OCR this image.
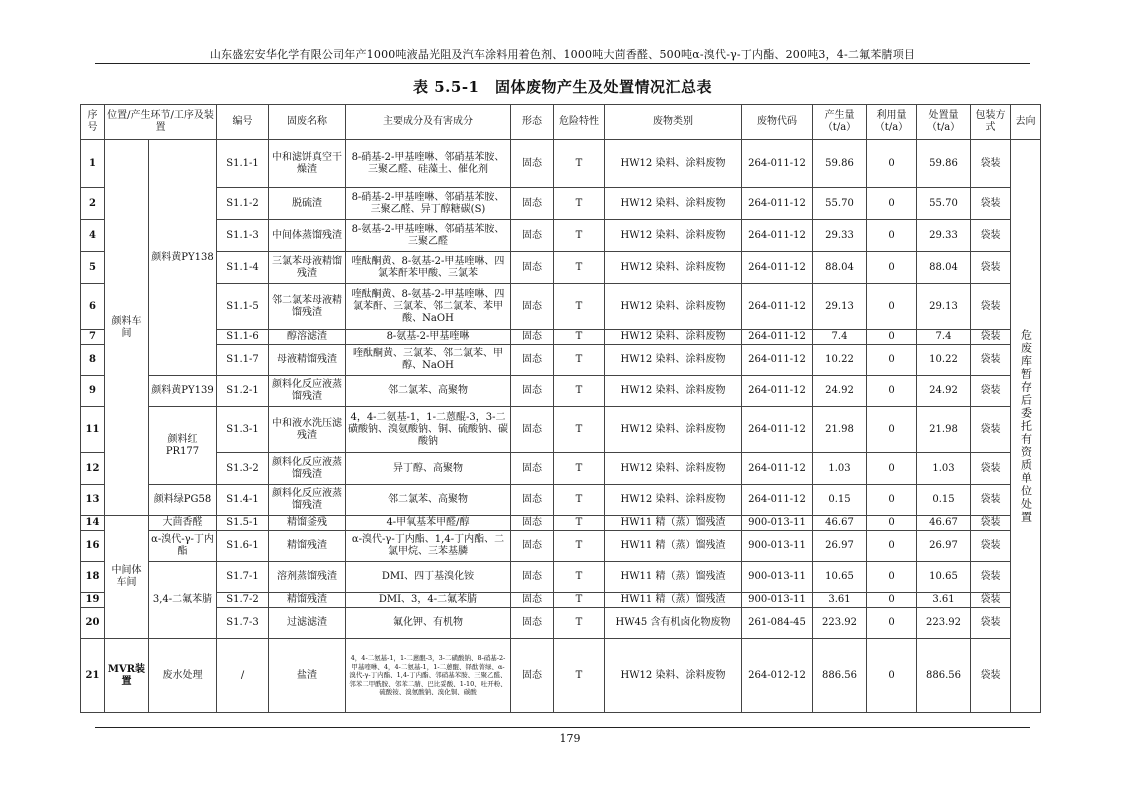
山东盛宏安华化学有限公司年产1000吨液晶光阻及汽车涂料用着色剂、1000吨大茴香醛、500吨α-溴代-γ-丁内酯、200吨3，4-二氟苯腈项目
表 5.5-1　固体废物产生及处置情况汇总表
序号	位置/产生环节/工序及装置		编号	固废名称	主要成分及有害成分	形态	危险特性	废物类别	废物代码	产生量（t/a）	利用量（t/a）	处置量（t/a）	包装方式	去向
1	颜料车间	颜料黄PY138	S1.1-1	中和滤饼真空干燥渣	8-硝基-2-甲基喹啉、邻硝基苯胺、三聚乙醛、硅藻土、催化剂	固态	T	HW12 染料、涂料废物	264-011-12	59.86	0	59.86	袋装	危废库暂存后委托有资质单位处置
2			S1.1-2	脱硫渣	8-硝基-2-甲基喹啉、邻硝基苯胺、三聚乙醛、异丁醇糖碳(S)	固态	T	HW12 染料、涂料废物	264-011-12	55.70	0	55.70	袋装	
4			S1.1-3	中间体蒸馏残渣	8-氨基-2-甲基喹啉、邻硝基苯胺、三聚乙醛	固态	T	HW12 染料、涂料废物	264-011-12	29.33	0	29.33	袋装	
5			S1.1-4	三氯苯母液精馏残渣	喹酞酮黄、8-氨基-2-甲基喹啉、四氯苯酐苯甲酸、三氯苯	固态	T	HW12 染料、涂料废物	264-011-12	88.04	0	88.04	袋装	
6			S1.1-5	邻二氯苯母液精馏残渣	喹酞酮黄、8-氨基-2-甲基喹啉、四氯苯酐、三氯苯、邻二氯苯、苯甲酸、NaOH	固态	T	HW12 染料、涂料废物	264-011-12	29.13	0	29.13	袋装	
7			S1.1-6	醇溶滤渣	8-氨基-2-甲基喹啉	固态	T	HW12 染料、涂料废物	264-011-12	7.4	0	7.4	袋装	
8			S1.1-7	母液精馏残渣	喹酞酮黄、三氯苯、邻二氯苯、甲醇、NaOH	固态	T	HW12 染料、涂料废物	264-011-12	10.22	0	10.22	袋装	
9		颜料黄PY139	S1.2-1	颜料化反应液蒸馏残渣	邻二氯苯、高聚物	固态	T	HW12 染料、涂料废物	264-011-12	24.92	0	24.92	袋装	
11		颜料红PR177	S1.3-1	中和液水洗压滤残渣	4，4-二氨基-1，1-二蒽醌-3，3-二磺酸钠、溴氨酸钠、铜、硫酸钠、碳酸钠	固态	T	HW12 染料、涂料废物	264-011-12	21.98	0	21.98	袋装	
12			S1.3-2	颜料化反应液蒸馏残渣	异丁醇、高聚物	固态	T	HW12 染料、涂料废物	264-011-12	1.03	0	1.03	袋装	
13		颜料绿PG58	S1.4-1	颜料化反应液蒸馏残渣	邻二氯苯、高聚物	固态	T	HW12 染料、涂料废物	264-011-12	0.15	0	0.15	袋装	
14	中间体车间	大茴香醛	S1.5-1	精馏釜残	4-甲氧基苯甲醛/醇	固态	T	HW11 精（蒸）馏残渣	900-013-11	46.67	0	46.67	袋装	
16		α-溴代-γ-丁内酯	S1.6-1	精馏残渣	α-溴代-γ-丁内酯、1,4-丁内酯、二氯甲烷、三苯基膦	固态	T	HW11 精（蒸）馏残渣	900-013-11	26.97	0	26.97	袋装	
18		3,4-二氟苯腈	S1.7-1	溶剂蒸馏残渣	DMI、四丁基溴化铵	固态	T	HW11 精（蒸）馏残渣	900-013-11	10.65	0	10.65	袋装	
19			S1.7-2	精馏残渣	DMI、3，4-二氟苯腈	固态	T	HW11 精（蒸）馏残渣	900-013-11	3.61	0	3.61	袋装	
20			S1.7-3	过滤滤渣	氟化钾、有机物	固态	T	HW45 含有机卤化物废物	261-084-45	223.92	0	223.92	袋装	
21	MVR装置	废水处理	/	盐渣	4，4-二氨基-1，1-二蒽醌-3，3-二磺酸钠、8-硝基-2-甲基喹啉、4，4-二氨基-1，1-二蒽醌、铎酞菁绿、α-溴代-γ-丁内酯、1,4-丁内酯、邻硝基苯胺、三聚乙醛、邻苯二甲酰胺、邻苯二腈、巴比妥酸、1-10、吐开粉、硫酸铵、溴氨酸钠、溴化铜、碳酸	固态	T	HW12 染料、涂料废物	264-012-12	886.56	0	886.56	袋装	
179
